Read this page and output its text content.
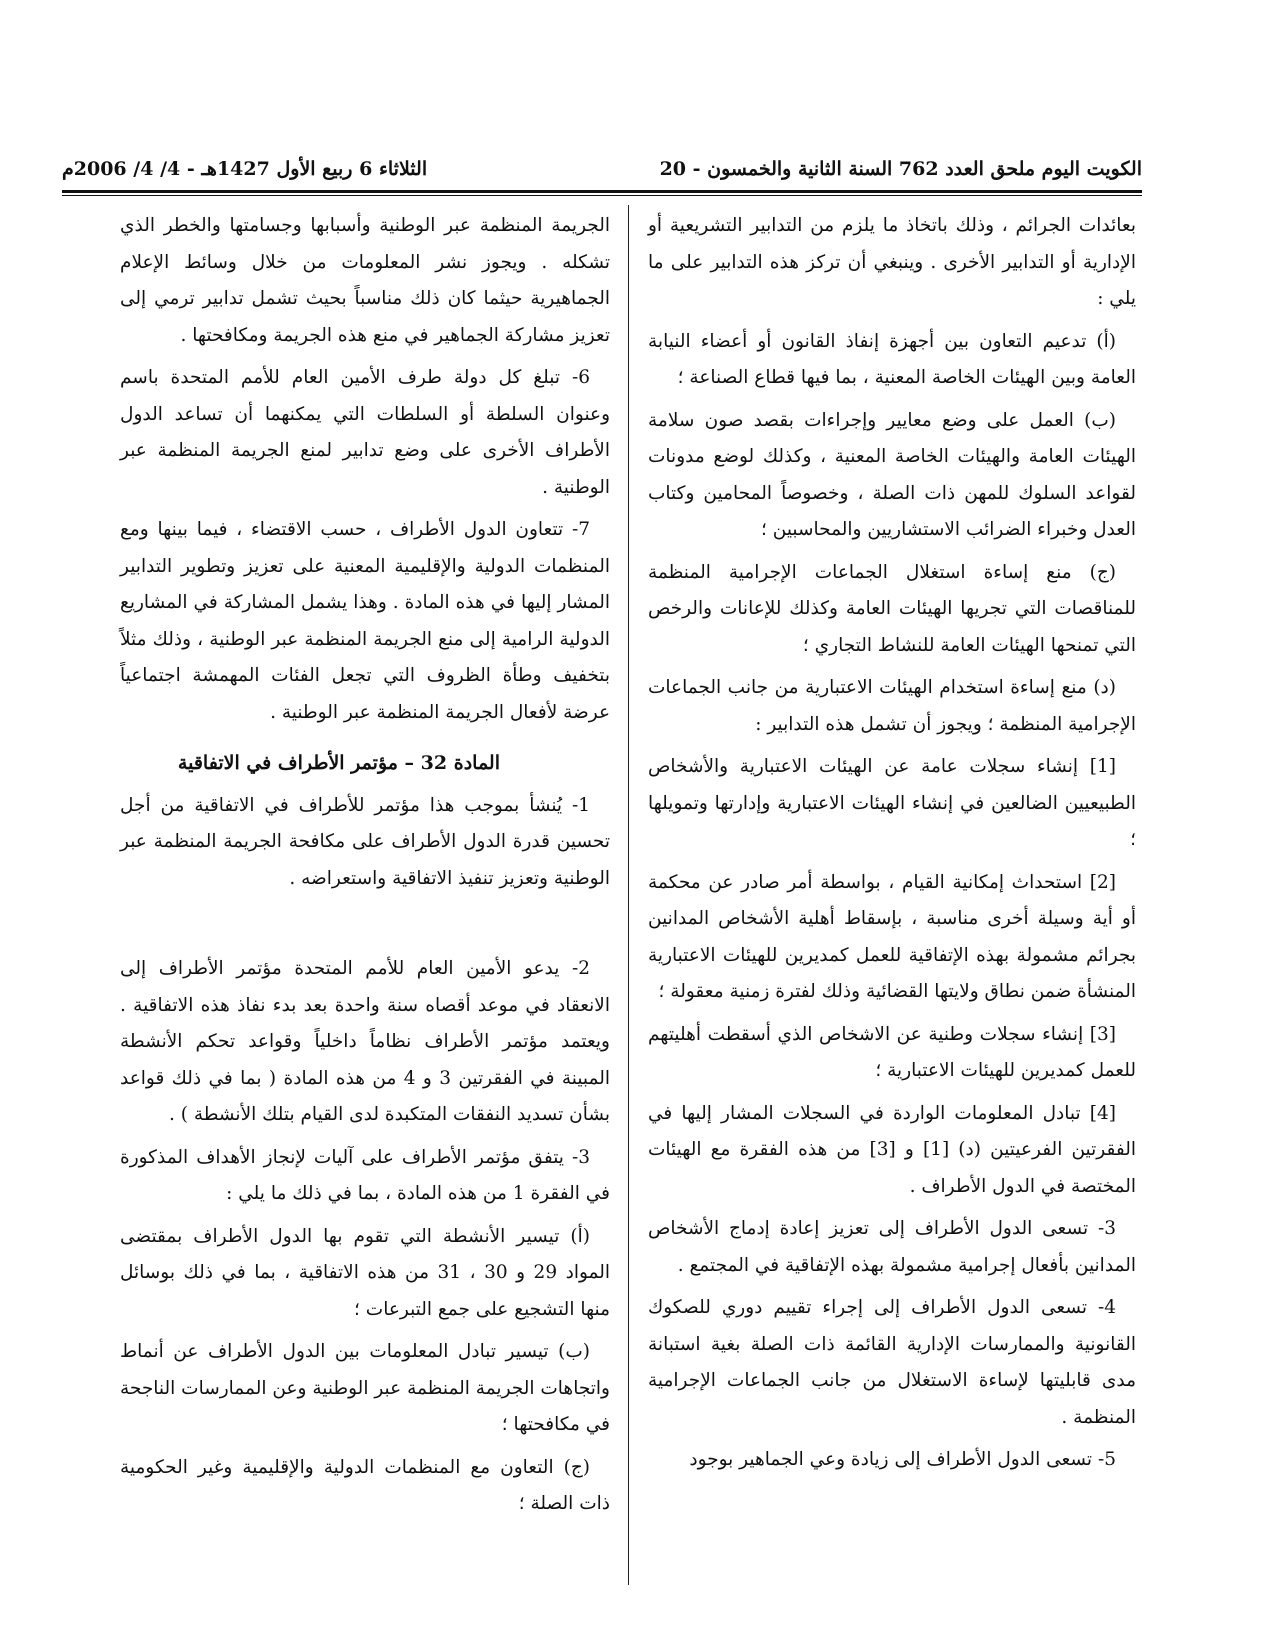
الكويت اليوم ملحق العدد 762 السنة الثانية والخمسون - 20
الثلاثاء 6 ربيع الأول 1427هـ - 4/ 4/ 2006م

بعائدات الجرائم ، وذلك باتخاذ ما يلزم من التدابير التشريعية أو الإدارية أو التدابير الأخرى . وينبغي أن تركز هذه التدابير على ما يلي :

(أ) تدعيم التعاون بين أجهزة إنفاذ القانون أو أعضاء النيابة العامة وبين الهيئات الخاصة المعنية ، بما فيها قطاع الصناعة ؛

(ب) العمل على وضع معايير وإجراءات بقصد صون سلامة الهيئات العامة والهيئات الخاصة المعنية ، وكذلك لوضع مدونات لقواعد السلوك للمهن ذات الصلة ، وخصوصاً المحامين وكتاب العدل وخبراء الضرائب الاستشاريين والمحاسبين ؛

(ج) منع إساءة استغلال الجماعات الإجرامية المنظمة للمناقصات التي تجريها الهيئات العامة وكذلك للإعانات والرخص التي تمنحها الهيئات العامة للنشاط التجاري ؛

(د) منع إساءة استخدام الهيئات الاعتبارية من جانب الجماعات الإجرامية المنظمة ؛ ويجوز أن تشمل هذه التدابير :

[1] إنشاء سجلات عامة عن الهيئات الاعتبارية والأشخاص الطبيعيين الضالعين في إنشاء الهيئات الاعتبارية وإدارتها وتمويلها ؛

[2] استحداث إمكانية القيام ، بواسطة أمر صادر عن محكمة أو أية وسيلة أخرى مناسبة ، بإسقاط أهلية الأشخاص المدانين بجرائم مشمولة بهذه الإتفاقية للعمل كمديرين للهيئات الاعتبارية المنشأة ضمن نطاق ولايتها القضائية وذلك لفترة زمنية معقولة ؛

[3] إنشاء سجلات وطنية عن الاشخاص الذي أسقطت أهليتهم للعمل كمديرين للهيئات الاعتبارية ؛

[4] تبادل المعلومات الواردة في السجلات المشار إليها في الفقرتين الفرعيتين (د) [1] و [3] من هذه الفقرة مع الهيئات المختصة في الدول الأطراف .

3- تسعى الدول الأطراف إلى تعزيز إعادة إدماج الأشخاص المدانين بأفعال إجرامية مشمولة بهذه الإتفاقية في المجتمع .

4- تسعى الدول الأطراف إلى إجراء تقييم دوري للصكوك القانونية والممارسات الإدارية القائمة ذات الصلة بغية استبانة مدى قابليتها لإساءة الاستغلال من جانب الجماعات الإجرامية المنظمة .

5- تسعى الدول الأطراف إلى زيادة وعي الجماهير بوجود

الجريمة المنظمة عبر الوطنية وأسبابها وجسامتها والخطر الذي تشكله . ويجوز نشر المعلومات من خلال وسائط الإعلام الجماهيرية حيثما كان ذلك مناسباً بحيث تشمل تدابير ترمي إلى تعزيز مشاركة الجماهير في منع هذه الجريمة ومكافحتها .

6- تبلغ كل دولة طرف الأمين العام للأمم المتحدة باسم وعنوان السلطة أو السلطات التي يمكنهما أن تساعد الدول الأطراف الأخرى على وضع تدابير لمنع الجريمة المنظمة عبر الوطنية .

7- تتعاون الدول الأطراف ، حسب الاقتضاء ، فيما بينها ومع المنظمات الدولية والإقليمية المعنية على تعزيز وتطوير التدابير المشار إليها في هذه المادة . وهذا يشمل المشاركة في المشاريع الدولية الرامية إلى منع الجريمة المنظمة عبر الوطنية ، وذلك مثلاً بتخفيف وطأة الظروف التي تجعل الفئات المهمشة اجتماعياً عرضة لأفعال الجريمة المنظمة عبر الوطنية .

المادة 32 – مؤتمر الأطراف في الاتفاقية

1- يُنشأ بموجب هذا مؤتمر للأطراف في الاتفاقية من أجل تحسين قدرة الدول الأطراف على مكافحة الجريمة المنظمة عبر الوطنية وتعزيز تنفيذ الاتفاقية واستعراضه .

2- يدعو الأمين العام للأمم المتحدة مؤتمر الأطراف إلى الانعقاد في موعد أقصاه سنة واحدة بعد بدء نفاذ هذه الاتفاقية . ويعتمد مؤتمر الأطراف نظاماً داخلياً وقواعد تحكم الأنشطة المبينة في الفقرتين 3 و 4 من هذه المادة ( بما في ذلك قواعد بشأن تسديد النفقات المتكبدة لدى القيام بتلك الأنشطة ) .

3- يتفق مؤتمر الأطراف على آليات لإنجاز الأهداف المذكورة في الفقرة 1 من هذه المادة ، بما في ذلك ما يلي :

(أ) تيسير الأنشطة التي تقوم بها الدول الأطراف بمقتضى المواد 29 و 30 ، 31 من هذه الاتفاقية ، بما في ذلك بوسائل منها التشجيع على جمع التبرعات ؛

(ب) تيسير تبادل المعلومات بين الدول الأطراف عن أنماط واتجاهات الجريمة المنظمة عبر الوطنية وعن الممارسات الناجحة في مكافحتها ؛

(ج) التعاون مع المنظمات الدولية والإقليمية وغير الحكومية ذات الصلة ؛
